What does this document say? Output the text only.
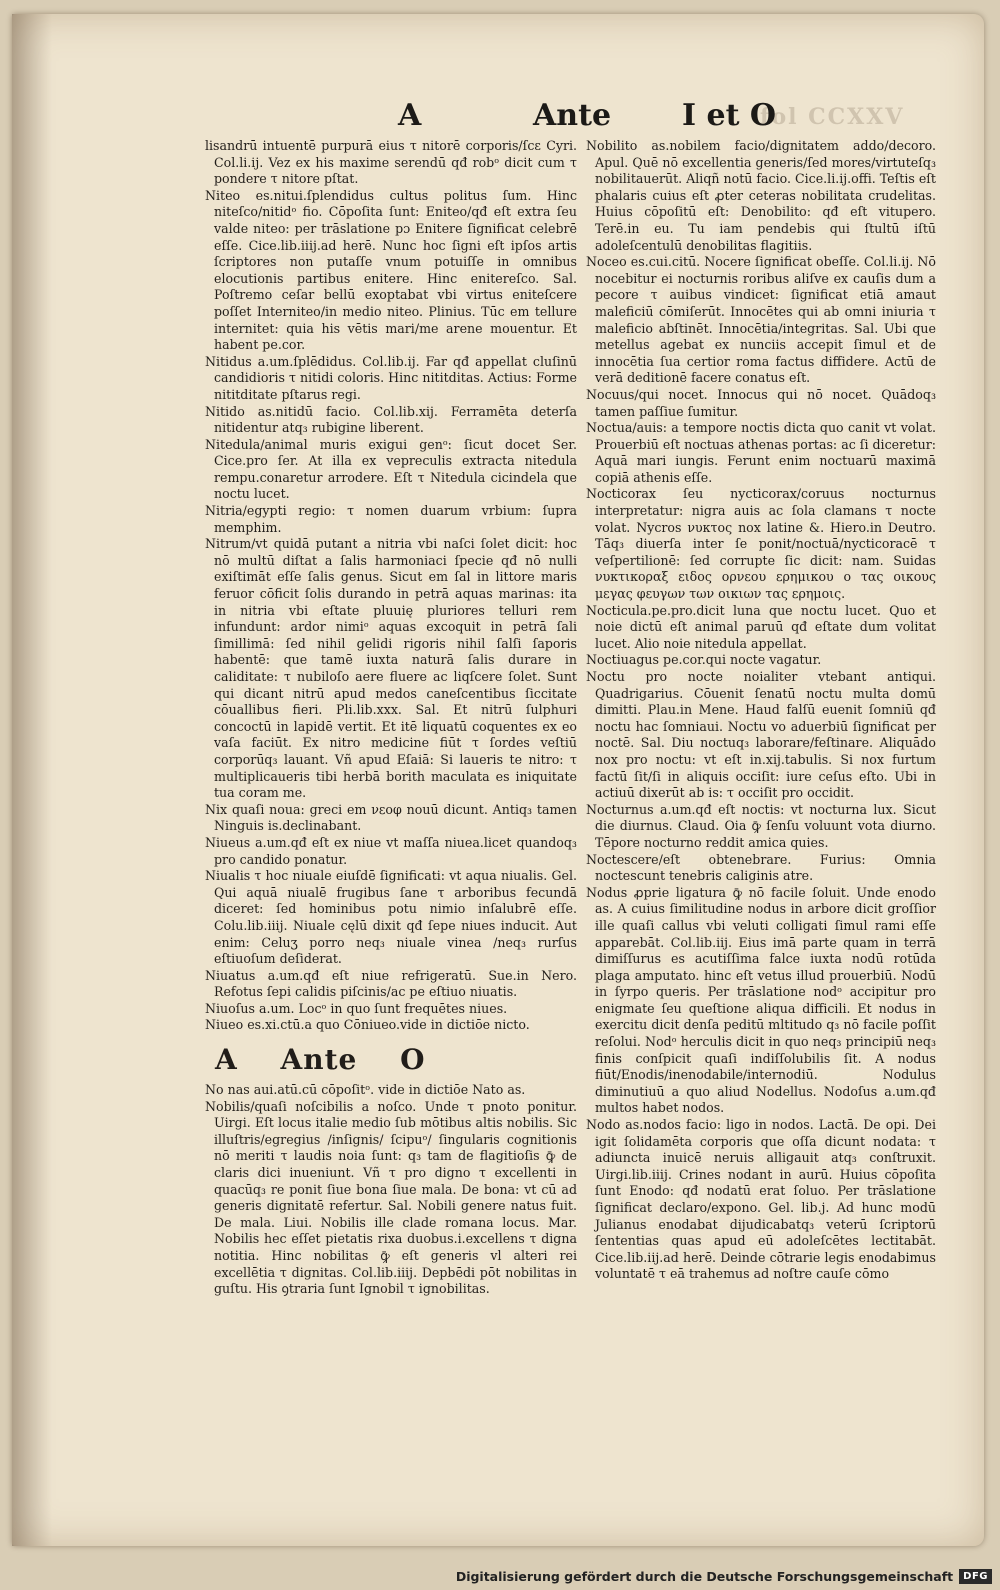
fol CCXXV
A	Ante I et O

lisandrū intuentē purpurā eius τ nitorē corporis/ſcɛ Cyri. Col.li.ij. Vez ex his maxime serendū qđ robᵒ dicit cum τ pondere τ nitore pſtat.

Niteo es.nitui.ſplendidus cultus politus ſum. Hinc niteſco/nitidᵒ fio. Cōpoſita ſunt: Eniteo/qđ eſt extra ſeu valde niteo: per trāslatione pɔ Enitere ſignificat celebrē eſſe. Cice.lib.iiij.ad herē. Nunc hoc ſigni eſt ipſos artis ſcriptores non putaſſe vnum potuiſſe in omnibus elocutionis partibus enitere. Hinc enitereſco. Sal. Poſtremo ceſar bellū exoptabat vbi virtus eniteſcere poſſet Interniteo/in medio niteo. Plinius. Tūc em tellure internitet: quia his vētis mari/me arene mouentur. Et habent pe.cor.

Nitidus a.um.ſplēdidus. Col.lib.ij. Far qđ appellat cluſinū candidioris τ nitidi coloris. Hinc nititditas. Actius: Forme nititditate pſtarus regi.

Nitido as.nitidū facio. Col.lib.xij. Ferramēta deterſa nitidentur atq₃ rubigine liberent.

Nitedula/animal muris exigui genᵒ: ſicut docet Ser. Cice.pro ſer. At illa ex vepreculis extracta nitedula rempu.conaretur arrodere. Eſt τ Nitedula cicindela que noctu lucet.

Nitria/egypti regio: τ nomen duarum vrbium: ſupra memphim.

Nitrum/vt quidā putant a nitria vbi naſci ſolet dicit: hoc nō multū diſtat a ſalis harmoniaci ſpecie qđ nō nulli exiſtimāt eſſe ſalis genus. Sicut em ſal in littore maris feruor cōficit ſolis durando in petrā aquas marinas: ita in nitria vbi eſtate pluuię pluriores telluri rem infundunt: ardor nimiᵒ aquas excoquit in petrā ſali ſimillimā: ſed nihil gelidi rigoris nihil ſalſi ſaporis habentē: que tamē iuxta naturā ſalis durare in caliditate: τ nubiloſo aere fluere ac liqſcere ſolet. Sunt qui dicant nitrū apud medos caneſcentibus ſiccitate cōuallibus fieri. Pli.lib.xxx. Sal. Et nitrū ſulphuri concoctū in lapidē vertit. Et itē liquatū coquentes ex eo vaſa faciūt. Ex nitro medicine fiūt τ ſordes veſtiū corporūq₃ lauant. Vñ apud Eſaiā: Si laueris te nitro: τ multiplicaueris tibi herbā borith maculata es iniquitate tua coram me.

Nix quaſi noua: greci em νεοφ nouū dicunt. Antiq₃ tamen Ninguis is.declinabant.

Niueus a.um.qđ eſt ex niue vt maſſa niuea.licet quandoq₃ pro candido ponatur.

Niualis τ hoc niuale eiuſdē ſignificati: vt aqua niualis. Gel. Qui aquā niualē frugibus ſane τ arboribus fecundā diceret: ſed hominibus potu nimio inſalubrē eſſe. Colu.lib.iiij. Niuale cęlū dixit qđ ſepe niues inducit. Aut enim: Celuʒ porro neq₃ niuale vinea /neq₃ rurſus eſtiuoſum deſiderat.

Niuatus a.um.qđ eſt niue refrigeratū. Sue.in Nero. Refotus ſepi calidis piſcinis/ac pe eſtiuo niuatis.

Niuoſus a.um. Locᵒ in quo ſunt frequētes niues.

Niueo es.xi.ctū.a quo Cōniueo.vide in dictiōe nicto.

A Ante O

No nas aui.atū.cū cōpoſitᵒ. vide in dictiōe Nato as.

Nobilis/quaſi noſcibilis a noſco. Unde τ pnoto ponitur. Uirgi. Eſt locus italie medio ſub mōtibus altis nobilis. Sic illuſtris/egregius /inſignis/ ſcipuᵒ/ ſingularis cognitionis nō meriti τ laudis noia ſunt: q₃ tam de flagitioſis ꝙ̄ de claris dici inueniunt. Vñ τ pro digno τ excellenti in quacūq₃ re ponit ſiue bona ſiue mala. De bona: vt cū ad generis dignitatē refertur. Sal. Nobili genere natus fuit. De mala. Liui. Nobilis ille clade romana locus. Mar. Nobilis hec eſſet pietatis rixa duobus.i.excellens τ digna notitia. Hinc nobilitas ꝙ̄ eſt generis vl alteri rei excellētia τ dignitas. Col.lib.iiij. Depbēdi pōt nobilitas in guſtu. His ꝯtraria ſunt Ignobil τ ignobilitas.

Nobilito as.nobilem facio/dignitatem addo/decoro. Apul. Quē nō excellentia generis/ſed mores/virtuteſq₃ nobilitauerūt. Aliqñ notū facio. Cice.li.ij.offi. Teſtis eſt phalaris cuius eſt ꝓter ceteras nobilitata crudelitas. Huius cōpoſitū eſt: Denobilito: qđ eſt vitupero. Terē.in eu. Tu iam pendebis qui ſtultū iſtū adoleſcentulū denobilitas flagitiis.

Noceo es.cui.citū. Nocere ſignificat obeſſe. Col.li.ij. Nō nocebitur ei nocturnis roribus aliſve ex cauſis dum a pecore τ auibus vindicet: ſignificat etiā amaut maleficiū cōmiſerūt. Innocētes qui ab omni iniuria τ maleficio abſtinēt. Innocētia/integritas. Sal. Ubi que metellus agebat ex nunciis accepit ſimul et de innocētia ſua certior roma factus diffidere. Actū de verā deditionē facere conatus eſt.

Nocuus/qui nocet. Innocus qui nō nocet. Quādoq₃ tamen paſſiue ſumitur.

Noctua/auis: a tempore noctis dicta quo canit vt volat. Prouerbiū eſt noctuas athenas portas: ac ſi diceretur: Aquā mari iungis. Ferunt enim noctuarū maximā copiā athenis eſſe.

Nocticorax ſeu nycticorax/coruus nocturnus interpretatur: nigra auis ac ſola clamans τ nocte volat. Nycros νυκτος nox latine &. Hiero.in Deutro. Tāq₃ diuerſa inter ſe ponit/noctuā/nycticoracē τ veſpertilionē: ſed corrupte ſic dicit: nam. Suidas νυκτικοραξ ειδος ορνεου ερημικου ο τας οικους μεγας φευγων των οικιων τας ερημοις.

Nocticula.pe.pro.dicit luna que noctu lucet. Quo et noie dictū eſt animal paruū qđ eſtate dum volitat lucet. Alio noie nitedula appellat.

Noctiuagus pe.cor.qui nocte vagatur.

Noctu pro nocte noialiter vtebant antiqui. Quadrigarius. Cōuenit ſenatū noctu multa domū dimitti. Plau.in Mene. Haud falſū euenit ſomniū qđ noctu hac ſomniaui. Noctu vo aduerbiū ſignificat per noctē. Sal. Diu noctuq₃ laborare/feſtinare. Aliquādo nox pro noctu: vt eſt in.xij.tabulis. Si nox furtum factū ſit/ſi in aliquis occiſit: iure ceſus eſto. Ubi in actiuū dixerūt ab is: τ occiſit pro occidit.

Nocturnus a.um.qđ eſt noctis: vt nocturna lux. Sicut die diurnus. Claud. Oia ꝙ̄ ſenſu voluunt vota diurno. Tēpore nocturno reddit amica quies.

Noctescere/eſt obtenebrare. Furius: Omnia noctescunt tenebris caliginis atre.

Nodus ꝓprie ligatura ꝙ̄ nō facile ſoluit. Unde enodo as. A cuius ſimilitudine nodus in arbore dicit groſſior ille quaſi callus vbi veluti colligati ſimul rami eſſe apparebāt. Col.lib.iij. Eius imā parte quam in terrā dimiſſurus es acutiſſima falce iuxta nodū rotūda plaga amputato. hinc eſt vetus illud prouerbiū. Nodū in ſyrpo queris. Per trāslatione nodᵒ accipitur pro enigmate ſeu queſtione aliqua difficili. Et nodus in exercitu dicit denſa peditū mltitudo q₃ nō facile poſſit reſolui. Nodᵒ herculis dicit in quo neq₃ principiū neq₃ finis conſpicit quaſi indiſſolubilis ſit. A nodus fiūt/Enodis/inenodabile/internodiū. Nodulus diminutiuū a quo aliud Nodellus. Nodoſus a.um.qđ multos habet nodos.

Nodo as.nodos facio: ligo in nodos. Lactā. De opi. Dei igit ſolidamēta corporis que oſſa dicunt nodata: τ adiuncta inuicē neruis alligauit atq₃ conſtruxit. Uirgi.lib.iiij. Crines nodant in aurū. Huius cōpoſita ſunt Enodo: qđ nodatū erat ſoluo. Per trāslatione ſignificat declaro/expono. Gel. lib.j. Ad hunc modū Julianus enodabat dijudicabatq₃ veterū ſcriptorū ſententias quas apud eū adoleſcētes lectitabāt. Cice.lib.iij.ad herē. Deinde cōtrarie legis enodabimus voluntatē τ eā trahemus ad noſtre cauſe cōmo

Digitalisierung gefördert durch die Deutsche Forschungsgemeinschaft	DFG
